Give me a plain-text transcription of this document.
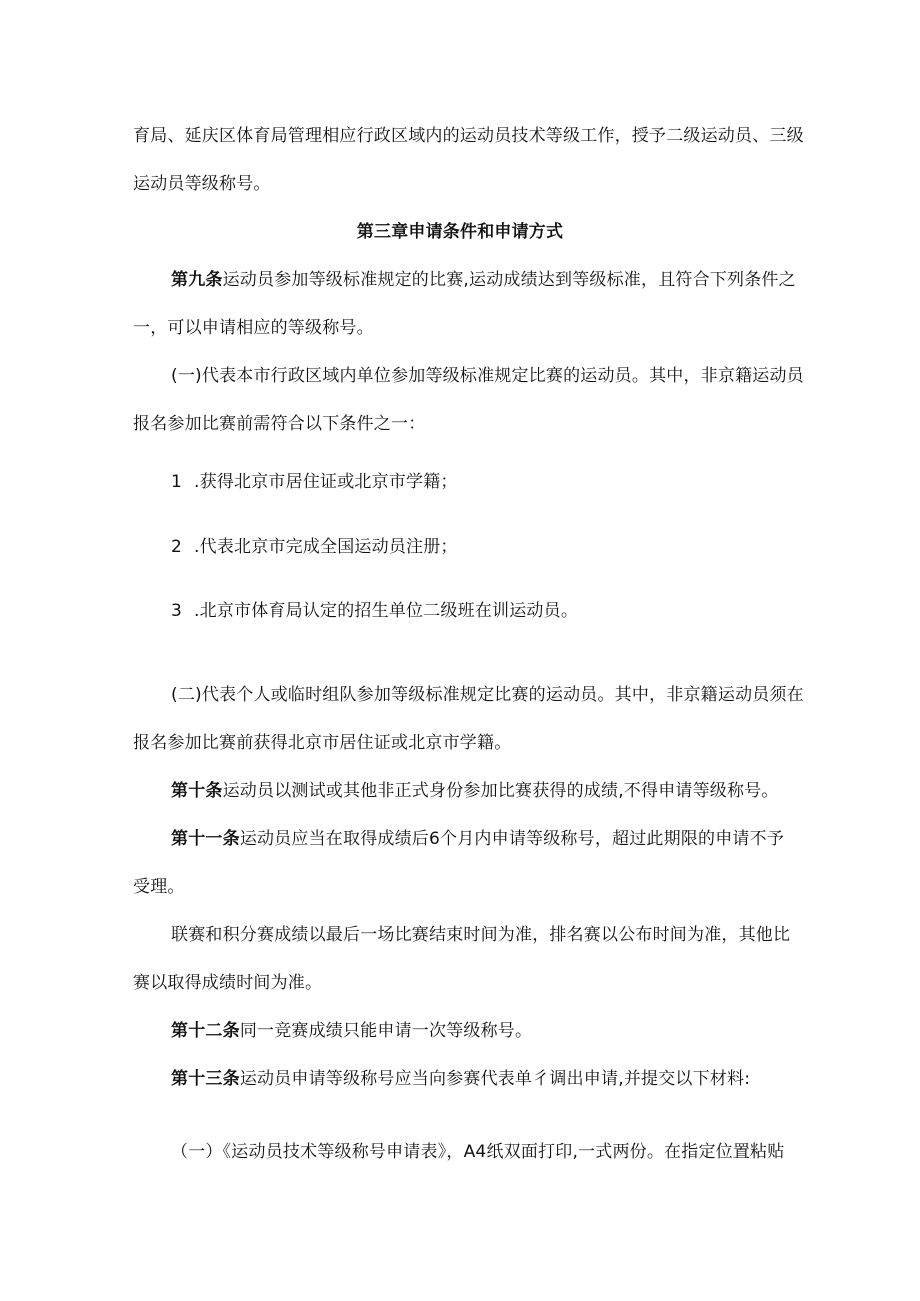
育局、延庆区体育局管理相应行政区域内的运动员技术等级工作，授予二级运动员、三级
运动员等级称号。
第三章申请条件和申请方式
第九条运动员参加等级标准规定的比赛,运动成绩达到等级标准，且符合下列条件之
一，可以申请相应的等级称号。
(一)代表本市行政区域内单位参加等级标准规定比赛的运动员。其中，非京籍运动员
报名参加比赛前需符合以下条件之一：
1 .获得北京市居住证或北京市学籍；
2 .代表北京市完成全国运动员注册；
3 .北京市体育局认定的招生单位二级班在训运动员。
(二)代表个人或临时组队参加等级标准规定比赛的运动员。其中，非京籍运动员须在
报名参加比赛前获得北京市居住证或北京市学籍。
第十条运动员以测试或其他非正式身份参加比赛获得的成绩,不得申请等级称号。
第十一条运动员应当在取得成绩后6个月内申请等级称号，超过此期限的申请不予
受理。
联赛和积分赛成绩以最后一场比赛结束时间为准，排名赛以公布时间为准，其他比
赛以取得成绩时间为准。
第十二条同一竞赛成绩只能申请一次等级称号。
第十三条运动员申请等级称号应当向参赛代表单彳调出申请,并提交以下材料:
（一）《运动员技术等级称号申请表》，A4纸双面打印,一式两份。在指定位置粘贴
